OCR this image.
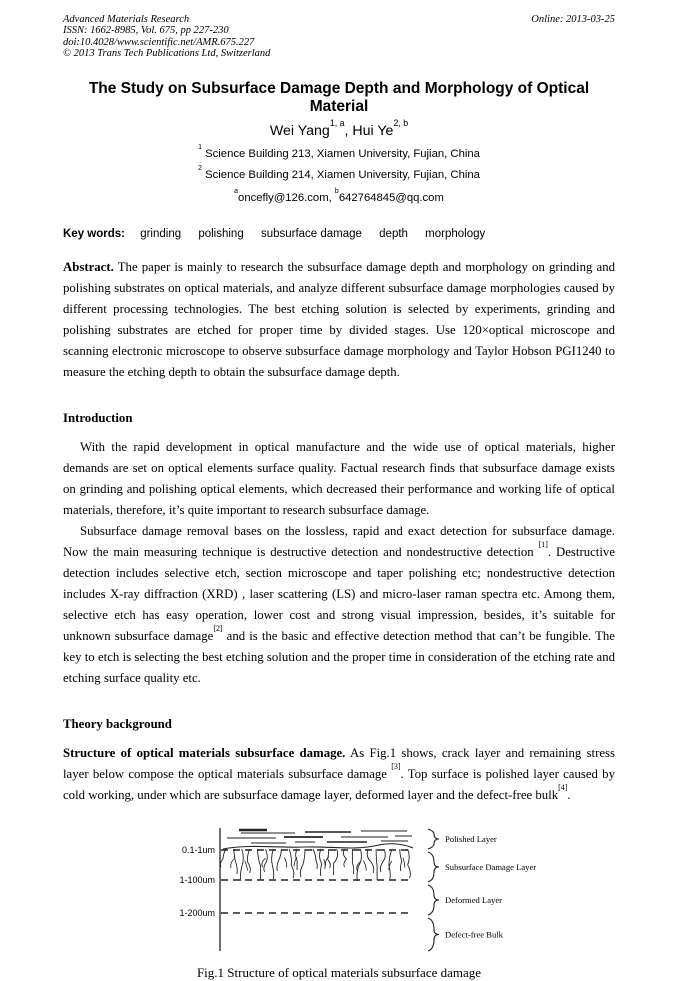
Advanced Materials Research
ISSN: 1662-8985, Vol. 675, pp 227-230
doi:10.4028/www.scientific.net/AMR.675.227
© 2013 Trans Tech Publications Ltd, Switzerland
Online: 2013-03-25
The Study on Subsurface Damage Depth and Morphology of Optical Material
Wei Yang$^{1, a}$, Hui Ye$^{2, b}$
$^1$ Science Building 213, Xiamen University, Fujian, China
$^2$ Science Building 214, Xiamen University, Fujian, China
$^a$oncefly@126.com, $^b$642764845@qq.com
Key words: grinding polishing subsurface damage depth morphology

Abstract. The paper is mainly to research the subsurface damage depth and morphology on grinding and polishing substrates on optical materials, and analyze different subsurface damage morphologies caused by different processing technologies. The best etching solution is selected by experiments, grinding and polishing substrates are etched for proper time by divided stages. Use 120×optical microscope and scanning electronic microscope to observe subsurface damage morphology and Taylor Hobson PGI1240 to measure the etching depth to obtain the subsurface damage depth.

Introduction

With the rapid development in optical manufacture and the wide use of optical materials, higher demands are set on optical elements surface quality. Factual research finds that subsurface damage exists on grinding and polishing optical elements, which decreased their performance and working life of optical materials, therefore, it’s quite important to research subsurface damage.

Subsurface damage removal bases on the lossless, rapid and exact detection for subsurface damage. Now the main measuring technique is destructive detection and nondestructive detection [1]. Destructive detection includes selective etch, section microscope and taper polishing etc; nondestructive detection includes X-ray diffraction (XRD) , laser scattering (LS) and micro-laser raman spectra etc. Among them, selective etch has easy operation, lower cost and strong visual impression, besides, it’s suitable for unknown subsurface damage[2] and is the basic and effective detection method that can’t be fungible. The key to etch is selecting the best etching solution and the proper time in consideration of the etching rate and etching surface quality etc.

Theory background

Structure of optical materials subsurface damage. As Fig.1 shows, crack layer and remaining stress layer below compose the optical materials subsurface damage [3]. Top surface is polished layer caused by cold working, under which are subsurface damage layer, deformed layer and the defect-free bulk[4].

0.1-1um
1-100um
1-200um
Polished Layer
Subsurface Damage Layer
Deformed Layer
Defect-free Bulk
Fig.1 Structure of optical materials subsurface damage
